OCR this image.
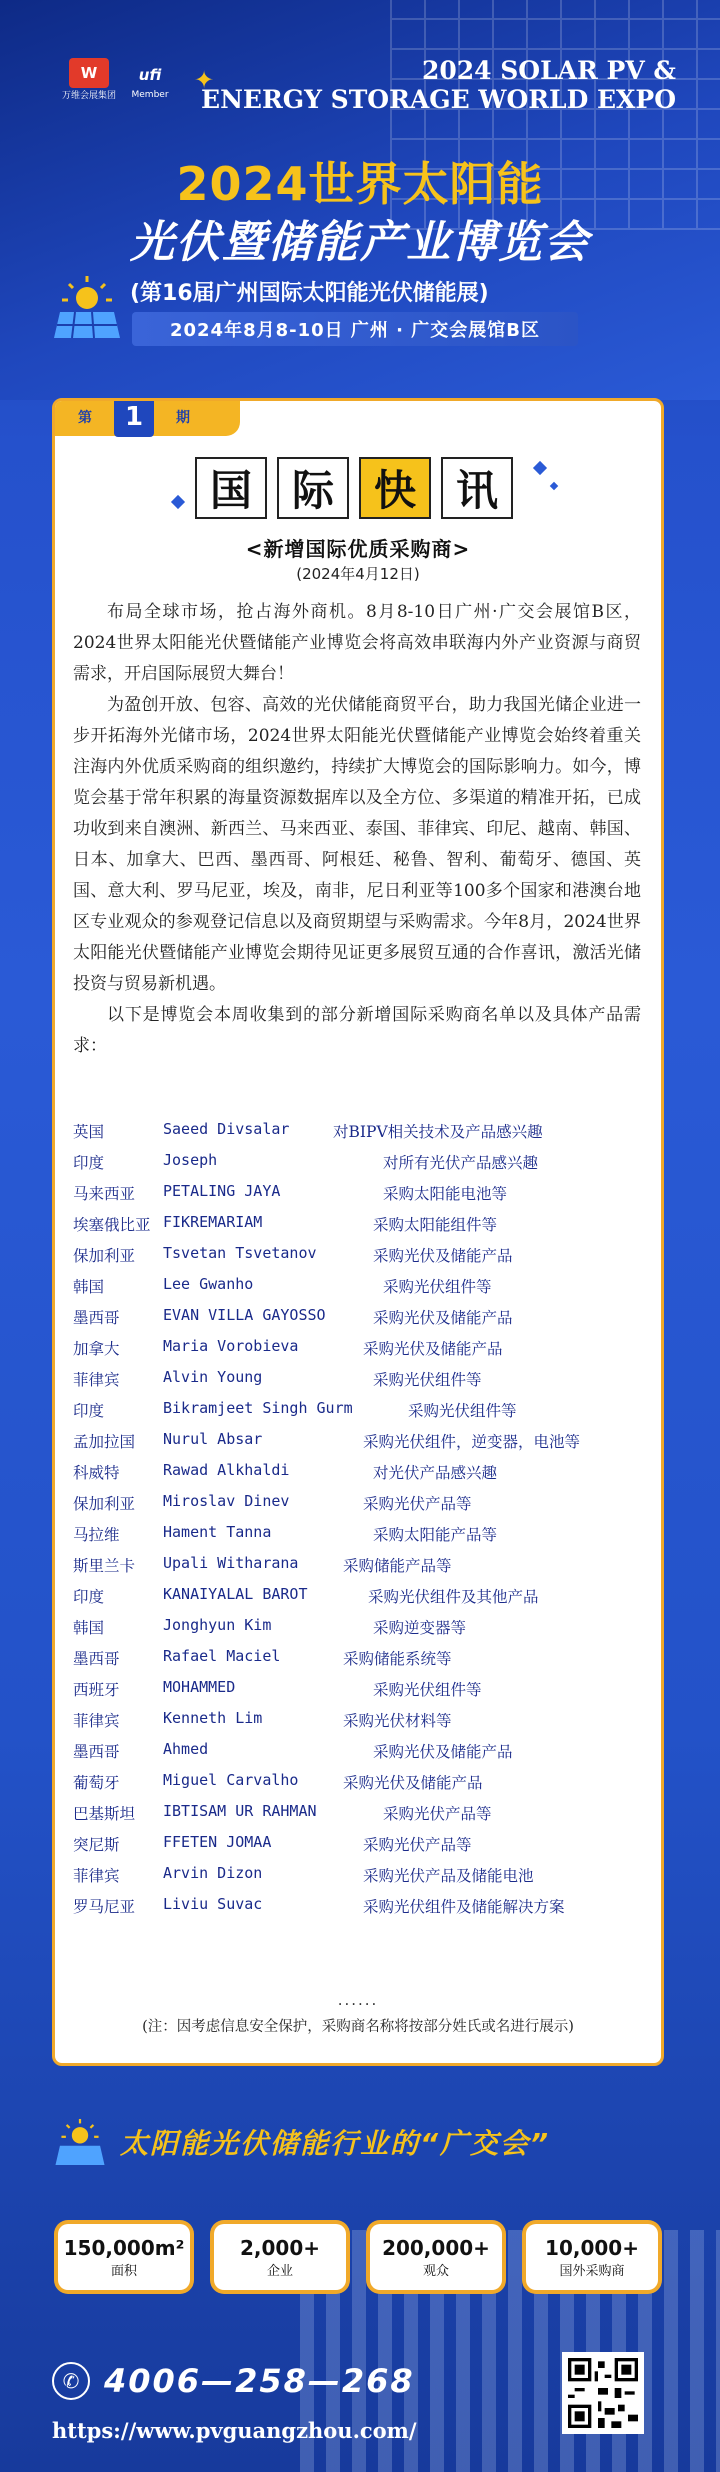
W
万维会展集团
ufi
Member
✦	2024 SOLAR PV &
ENERGY STORAGE WORLD EXPO
2024世界太阳能
光伏暨储能产业博览会
(第16届广州国际太阳能光伏储能展)
2024年8月8-10日 广州 · 广交会展馆B区
第	1	期
国 际 快 讯
<新增国际优质采购商>
(2024年4月12日)

布局全球市场，抢占海外商机。8月8-10日广州·广交会展馆B区，2024世界太阳能光伏暨储能产业博览会将高效串联海内外产业资源与商贸需求，开启国际展贸大舞台！

为盈创开放、包容、高效的光伏储能商贸平台，助力我国光储企业进一步开拓海外光储市场，2024世界太阳能光伏暨储能产业博览会始终着重关注海内外优质采购商的组织邀约，持续扩大博览会的国际影响力。如今，博览会基于常年积累的海量资源数据库以及全方位、多渠道的精准开拓，已成功收到来自澳洲、新西兰、马来西亚、泰国、菲律宾、印尼、越南、韩国、日本、加拿大、巴西、墨西哥、阿根廷、秘鲁、智利、葡萄牙、德国、英国、意大利、罗马尼亚，埃及，南非，尼日利亚等100多个国家和港澳台地区专业观众的参观登记信息以及商贸期望与采购需求。今年8月，2024世界太阳能光伏暨储能产业博览会期待见证更多展贸互通的合作喜讯，激活光储投资与贸易新机遇。

以下是博览会本周收集到的部分新增国际采购商名单以及具体产品需求：

英国	Saeed Divsalar	对BIPV相关技术及产品感兴趣
印度	Joseph	对所有光伏产品感兴趣
马来西亚 PETALING JAYA	采购太阳能电池等
埃塞俄比亚 FIKREMARIAM	采购太阳能组件等
保加利亚 Tsvetan Tsvetanov	采购光伏及储能产品
韩国	Lee Gwanho	采购光伏组件等
墨西哥	EVAN VILLA GAYOSSO	采购光伏及储能产品
加拿大	Maria Vorobieva	采购光伏及储能产品
菲律宾	Alvin Young	采购光伏组件等
印度	Bikramjeet Singh Gurm	采购光伏组件等
孟加拉国 Nurul Absar	采购光伏组件，逆变器，电池等
科威特	Rawad Alkhaldi	对光伏产品感兴趣
保加利亚 Miroslav Dinev	采购光伏产品等
马拉维	Hament Tanna	采购太阳能产品等
斯里兰卡 Upali Witharana	采购储能产品等
印度	KANAIYALAL BAROT	采购光伏组件及其他产品
韩国	Jonghyun Kim	采购逆变器等
墨西哥	Rafael Maciel	采购储能系统等
西班牙	MOHAMMED	采购光伏组件等
菲律宾	Kenneth Lim	采购光伏材料等
墨西哥	Ahmed	采购光伏及储能产品
葡萄牙	Miguel Carvalho	采购光伏及储能产品
巴基斯坦 IBTISAM UR RAHMAN	采购光伏产品等
突尼斯	FFETEN JOMAA	采购光伏产品等
菲律宾	Arvin Dizon	采购光伏产品及储能电池
罗马尼亚 Liviu Suvac	采购光伏组件及储能解决方案
......
(注：因考虑信息安全保护，采购商名称将按部分姓氏或名进行展示)
太阳能光伏储能行业的“广交会”
150,000m²
面积
2,000+
企业
200,000+
观众
10,000+
国外采购商
✆ 4006—258—268
https://www.pvguangzhou.com/
